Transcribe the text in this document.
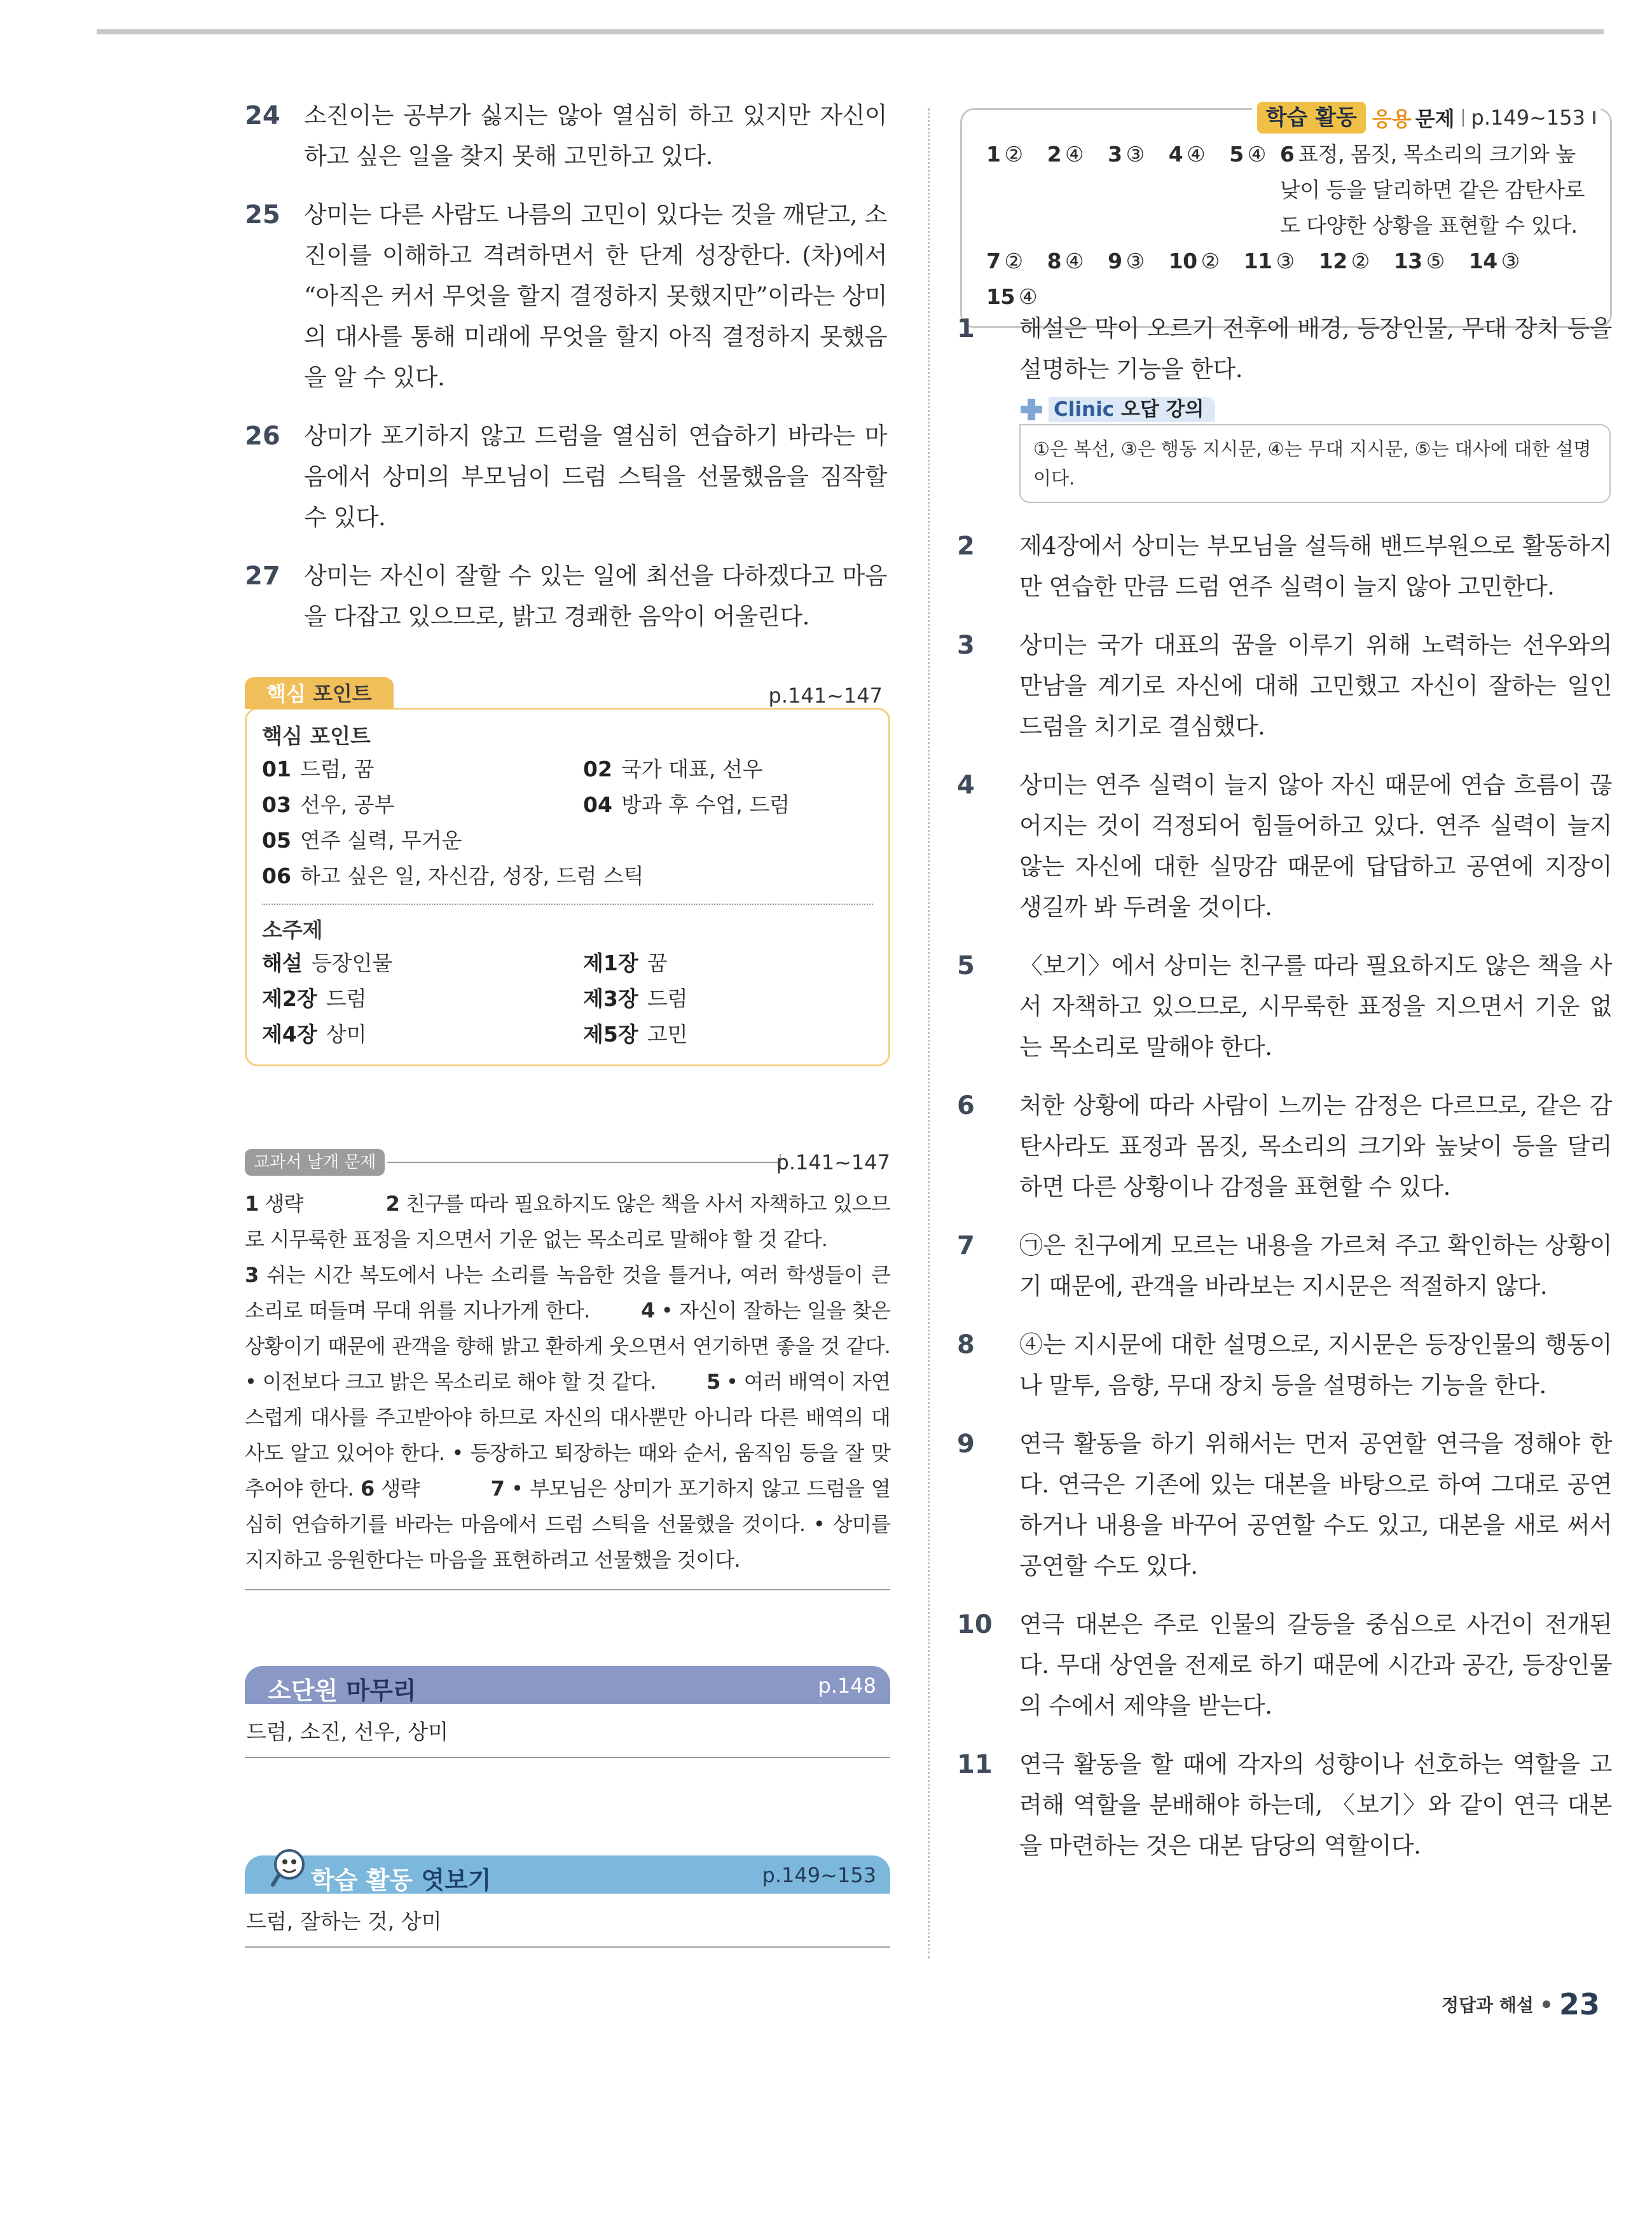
24	소진이는 공부가 싫지는 않아 열심히 하고 있지만 자신이 하고 싶은 일을 찾지 못해 고민하고 있다.
25	상미는 다른 사람도 나름의 고민이 있다는 것을 깨닫고, 소진이를 이해하고 격려하면서 한 단계 성장한다. (차)에서 “아직은 커서 무엇을 할지 결정하지 못했지만”이라는 상미의 대사를 통해 미래에 무엇을 할지 아직 결정하지 못했음을 알 수 있다.
26	상미가 포기하지 않고 드럼을 열심히 연습하기 바라는 마음에서 상미의 부모님이 드럼 스틱을 선물했음을 짐작할 수 있다.
27	상미는 자신이 잘할 수 있는 일에 최선을 다하겠다고 마음을 다잡고 있으므로, 밝고 경쾌한 음악이 어울린다.
핵심 포인트	p.141~147
핵심 포인트
01 드럼, 꿈	02 국가 대표, 선우
03 선우, 공부	04 방과 후 수업, 드럼
05 연주 실력, 무거운
06 하고 싶은 일, 자신감, 성장, 드럼 스틱
소주제
해설 등장인물	제1장 꿈
제2장 드럼	제3장 드럼
제4장 상미	제5장 고민
교과서 날개 문제	p.141~147
1 생략	2 친구를 따라 필요하지도 않은 책을 사서 자책하고 있으므로 시무룩한 표정을 지으면서 기운 없는 목소리로 말해야 할 것 같다.
3 쉬는 시간 복도에서 나는 소리를 녹음한 것을 틀거나, 여러 학생들이 큰 소리로 떠들며 무대 위를 지나가게 한다.	4 • 자신이 잘하는 일을 찾은 상황이기 때문에 관객을 향해 밝고 환하게 웃으면서 연기하면 좋을 것 같다. • 이전보다 크고 밝은 목소리로 해야 할 것 같다. 5 • 여러 배역이 자연스럽게 대사를 주고받아야 하므로 자신의 대사뿐만 아니라 다른 배역의 대사도 알고 있어야 한다. • 등장하고 퇴장하는 때와 순서, 움직임 등을 잘 맞추어야 한다. 6 생략	7 • 부모님은 상미가 포기하지 않고 드럼을 열심히 연습하기를 바라는 마음에서 드럼 스틱을 선물했을 것이다. • 상미를 지지하고 응원한다는 마음을 표현하려고 선물했을 것이다.
소단원 마무리	p.148
드럼, 소진, 선우, 상미
학습 활동 엿보기	p.149~153
드럼, 잘하는 것, 상미
학습 활동 응용 문제 p.149~153
1 ② 2 ④ 3 ③ 4 ④ 5 ④ 6 표정, 몸짓, 목소리의 크기와 높낮이 등을 달리하면 같은 감탄사로도 다양한 상황을 표현할 수 있다.
7 ② 8 ④ 9 ③ 10 ② 11 ③ 12 ② 13 ⑤ 14 ③
15 ④
1	해설은 막이 오르기 전후에 배경, 등장인물, 무대 장치 등을 설명하는 기능을 한다.
Clinic 오답 강의
①은 복선, ③은 행동 지시문, ④는 무대 지시문, ⑤는 대사에 대한 설명이다.
2	제4장에서 상미는 부모님을 설득해 밴드부원으로 활동하지만 연습한 만큼 드럼 연주 실력이 늘지 않아 고민한다.
3	상미는 국가 대표의 꿈을 이루기 위해 노력하는 선우와의 만남을 계기로 자신에 대해 고민했고 자신이 잘하는 일인 드럼을 치기로 결심했다.
4	상미는 연주 실력이 늘지 않아 자신 때문에 연습 흐름이 끊어지는 것이 걱정되어 힘들어하고 있다. 연주 실력이 늘지 않는 자신에 대한 실망감 때문에 답답하고 공연에 지장이 생길까 봐 두려울 것이다.
5	〈보기〉에서 상미는 친구를 따라 필요하지도 않은 책을 사서 자책하고 있으므로, 시무룩한 표정을 지으면서 기운 없는 목소리로 말해야 한다.
6	처한 상황에 따라 사람이 느끼는 감정은 다르므로, 같은 감탄사라도 표정과 몸짓, 목소리의 크기와 높낮이 등을 달리하면 다른 상황이나 감정을 표현할 수 있다.
7	㉠은 친구에게 모르는 내용을 가르쳐 주고 확인하는 상황이기 때문에, 관객을 바라보는 지시문은 적절하지 않다.
8	④는 지시문에 대한 설명으로, 지시문은 등장인물의 행동이나 말투, 음향, 무대 장치 등을 설명하는 기능을 한다.
9	연극 활동을 하기 위해서는 먼저 공연할 연극을 정해야 한다. 연극은 기존에 있는 대본을 바탕으로 하여 그대로 공연하거나 내용을 바꾸어 공연할 수도 있고, 대본을 새로 써서 공연할 수도 있다.
10	연극 대본은 주로 인물의 갈등을 중심으로 사건이 전개된다. 무대 상연을 전제로 하기 때문에 시간과 공간, 등장인물의 수에서 제약을 받는다.
11	연극 활동을 할 때에 각자의 성향이나 선호하는 역할을 고려해 역할을 분배해야 하는데, 〈보기〉와 같이 연극 대본을 마련하는 것은 대본 담당의 역할이다.
정답과 해설 23
